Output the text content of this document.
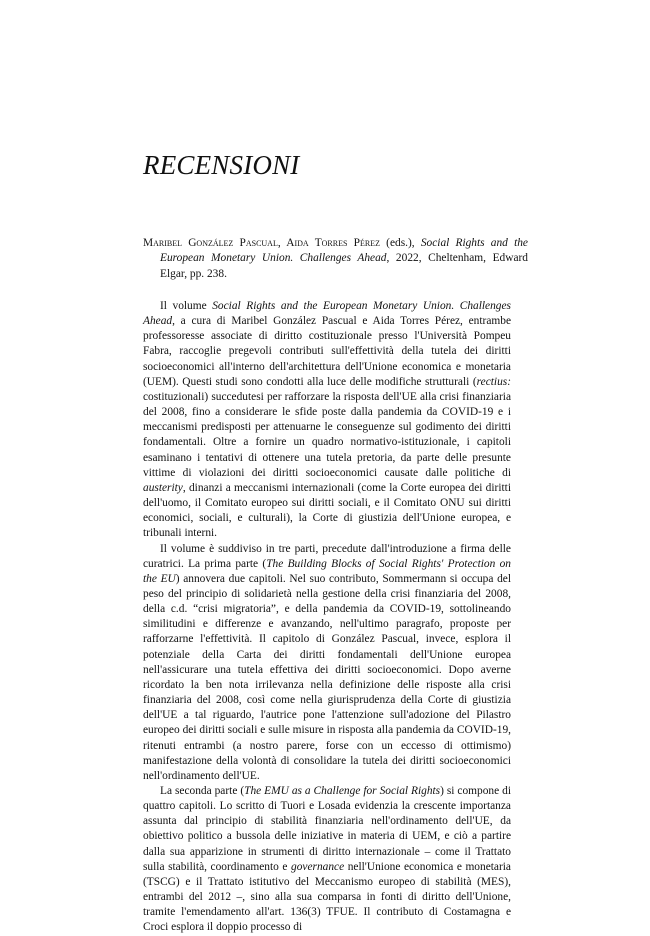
RECENSIONI

Maribel González Pascual, Aida Torres Pérez (eds.), Social Rights and the European Monetary Union. Challenges Ahead, 2022, Cheltenham, Edward Elgar, pp. 238.

Il volume Social Rights and the European Monetary Union. Challenges Ahead, a cura di Maribel González Pascual e Aida Torres Pérez, entrambe professoresse associate di diritto costituzionale presso l'Università Pompeu Fabra, raccoglie pregevoli contributi sull'effettività della tutela dei diritti socioeconomici all'interno dell'architettura dell'Unione economica e monetaria (UEM). Questi studi sono condotti alla luce delle modifiche strutturali (rectius: costituzionali) succedutesi per rafforzare la risposta dell'UE alla crisi finanziaria del 2008, fino a considerare le sfide poste dalla pandemia da COVID-19 e i meccanismi predisposti per attenuarne le conseguenze sul godimento dei diritti fondamentali. Oltre a fornire un quadro normativo-istituzionale, i capitoli esaminano i tentativi di ottenere una tutela pretoria, da parte delle presunte vittime di violazioni dei diritti socioeconomici causate dalle politiche di austerity, dinanzi a meccanismi internazionali (come la Corte europea dei diritti dell'uomo, il Comitato europeo sui diritti sociali, e il Comitato ONU sui diritti economici, sociali, e culturali), la Corte di giustizia dell'Unione europea, e tribunali interni.

Il volume è suddiviso in tre parti, precedute dall'introduzione a firma delle curatrici. La prima parte (The Building Blocks of Social Rights' Protection on the EU) annovera due capitoli. Nel suo contributo, Sommermann si occupa del peso del principio di solidarietà nella gestione della crisi finanziaria del 2008, della c.d. “crisi migratoria”, e della pandemia da COVID-19, sottolineando similitudini e differenze e avanzando, nell'ultimo paragrafo, proposte per rafforzarne l'effettività. Il capitolo di González Pascual, invece, esplora il potenziale della Carta dei diritti fondamentali dell'Unione europea nell'assicurare una tutela effettiva dei diritti socioeconomici. Dopo averne ricordato la ben nota irrilevanza nella definizione delle risposte alla crisi finanziaria del 2008, così come nella giurisprudenza della Corte di giustizia dell'UE a tal riguardo, l'autrice pone l'attenzione sull'adozione del Pilastro europeo dei diritti sociali e sulle misure in risposta alla pandemia da COVID-19, ritenuti entrambi (a nostro parere, forse con un eccesso di ottimismo) manifestazione della volontà di consolidare la tutela dei diritti socioeconomici nell'ordinamento dell'UE.

La seconda parte (The EMU as a Challenge for Social Rights) si compone di quattro capitoli. Lo scritto di Tuori e Losada evidenzia la crescente importanza assunta dal principio di stabilità finanziaria nell'ordinamento dell'UE, da obiettivo politico a bussola delle iniziative in materia di UEM, e ciò a partire dalla sua apparizione in strumenti di diritto internazionale – come il Trattato sulla stabilità, coordinamento e governance nell'Unione economica e monetaria (TSCG) e il Trattato istitutivo del Meccanismo europeo di stabilità (MES), entrambi del 2012 –, sino alla sua comparsa in fonti di diritto dell'Unione, tramite l'emendamento all'art. 136(3) TFUE. Il contributo di Costamagna e Croci esplora il doppio processo di
